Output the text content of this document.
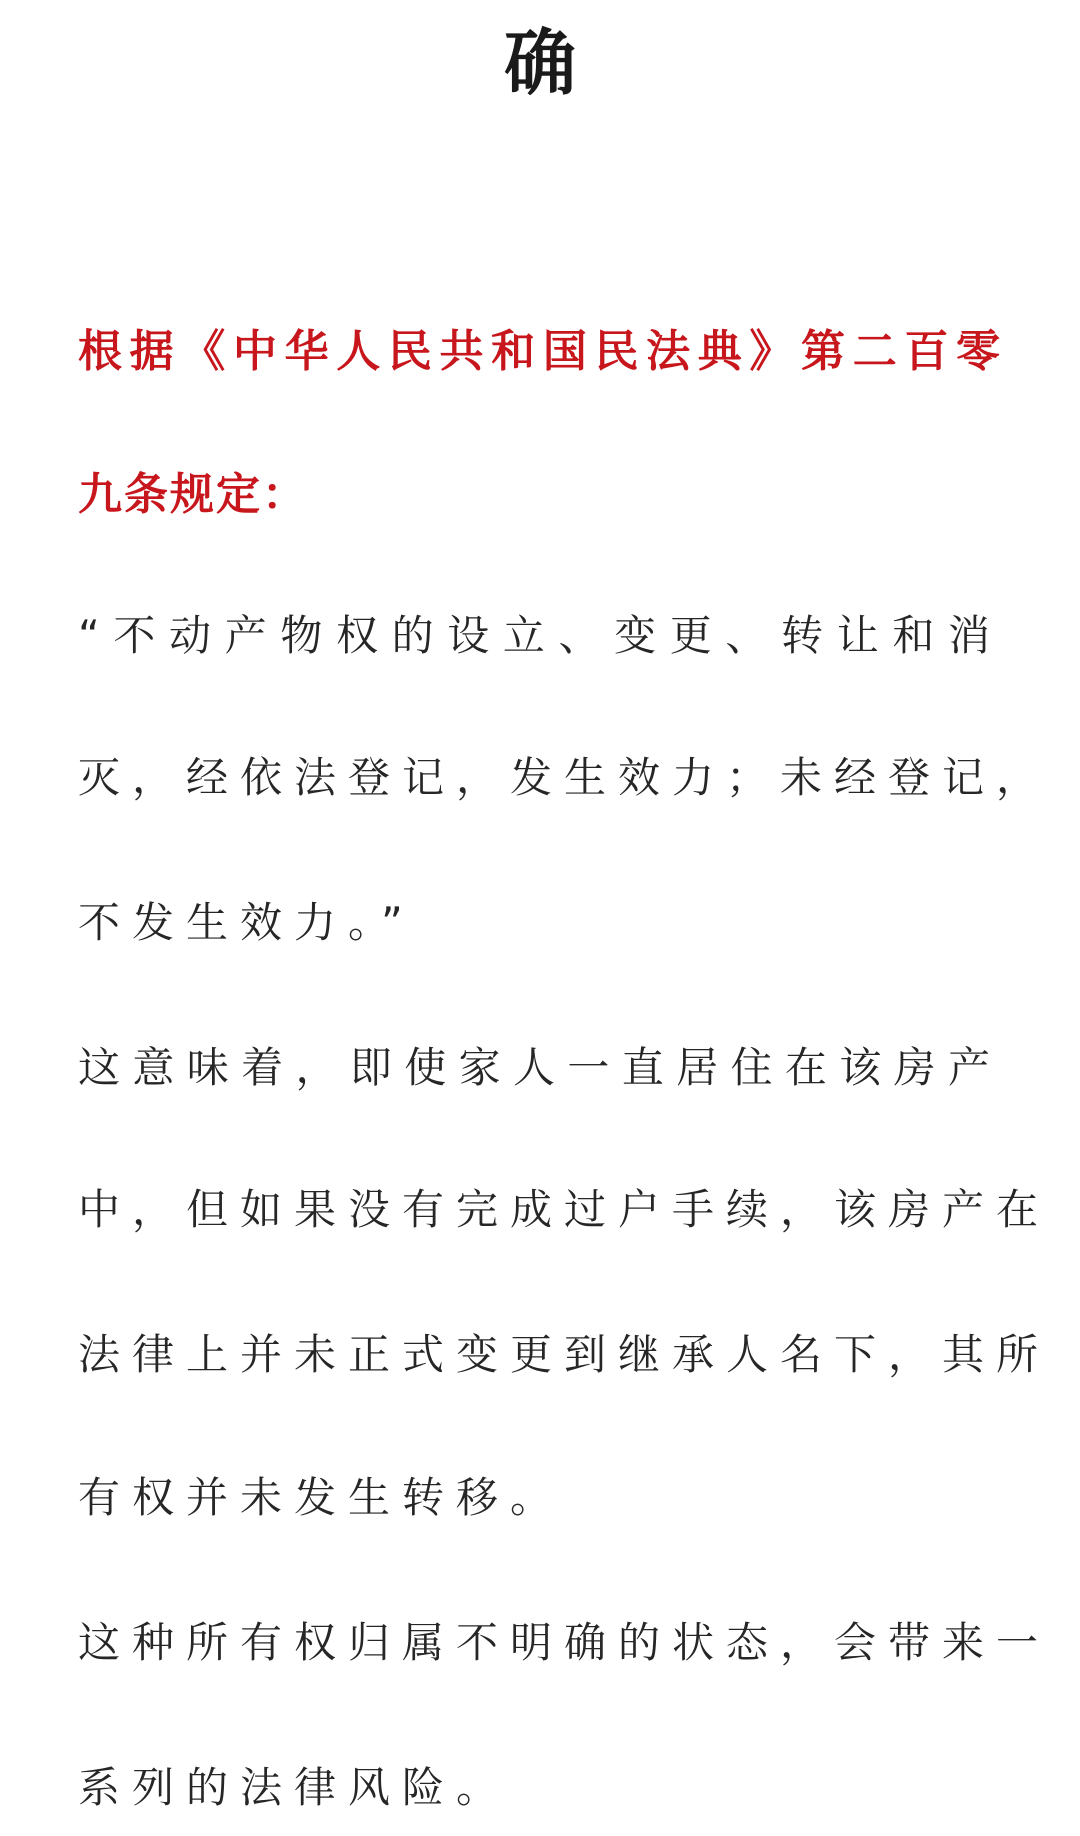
确
根据《中华人民共和国民法典》第二百零
九条规定：
“不动产物权的设立、变更、转让和消
灭，经依法登记，发生效力；未经登记，
不发生效力。”
这意味着，即使家人一直居住在该房产
中，但如果没有完成过户手续，该房产在
法律上并未正式变更到继承人名下，其所
有权并未发生转移。
这种所有权归属不明确的状态，会带来一
系列的法律风险。
